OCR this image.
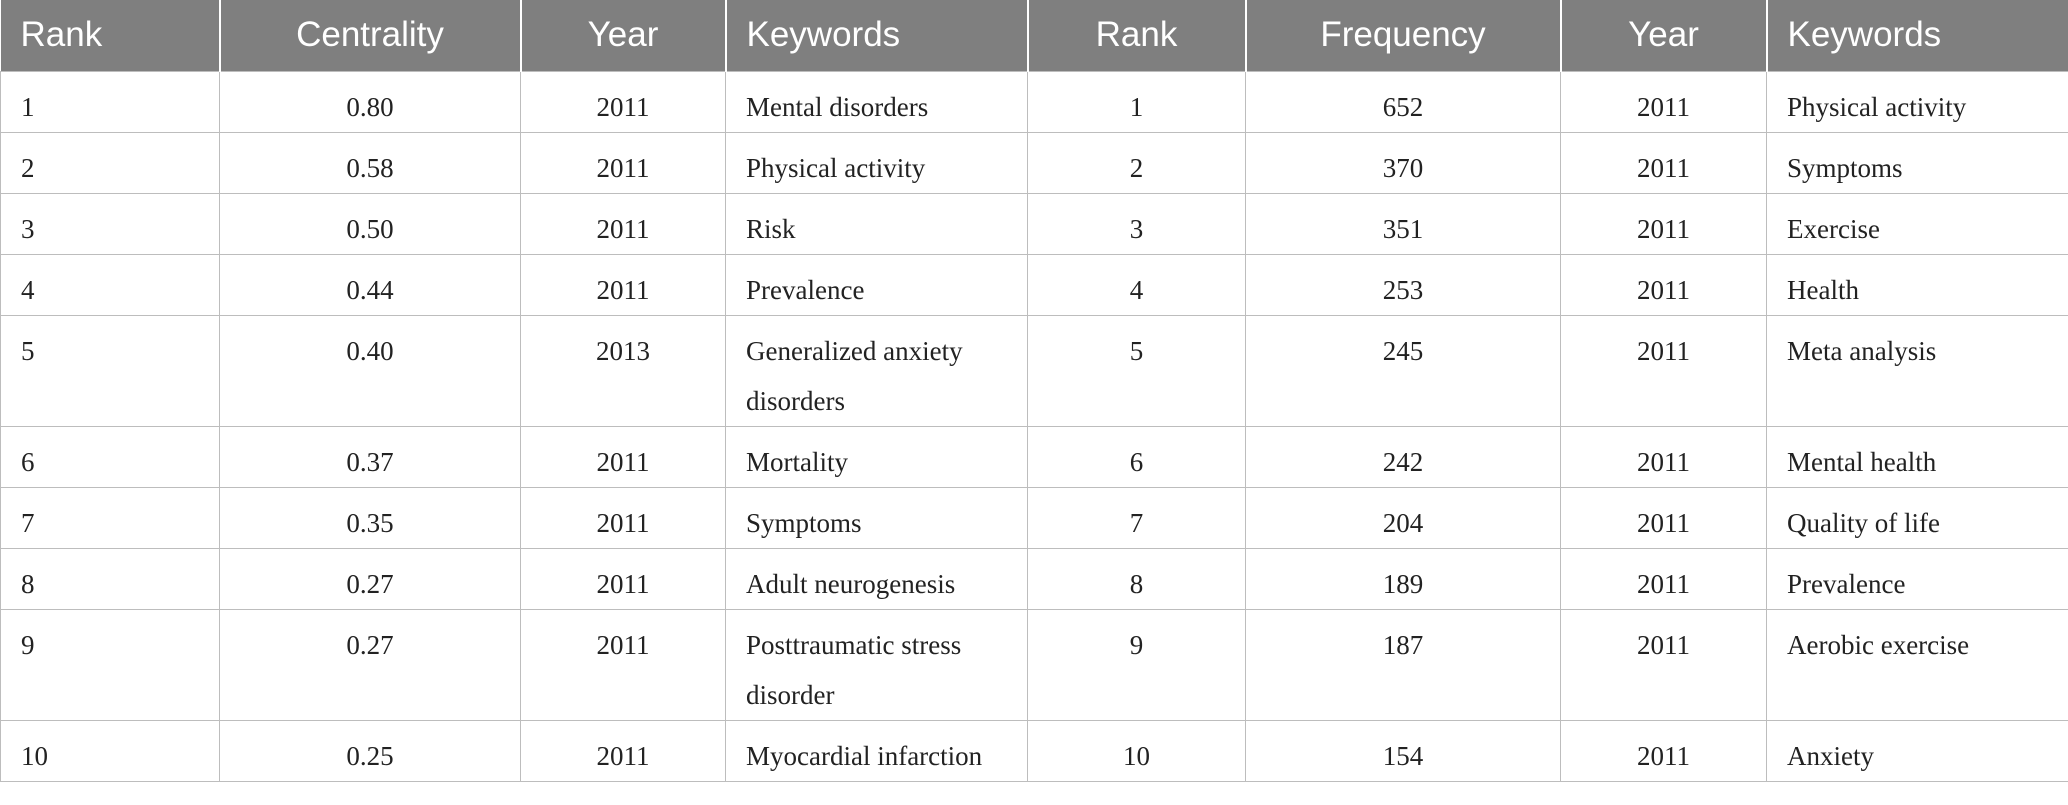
Rank	Centrality	Year	Keywords	Rank	Frequency	Year	Keywords
1	0.80	2011	Mental disorders	1	652	2011	Physical activity
2	0.58	2011	Physical activity	2	370	2011	Symptoms
3	0.50	2011	Risk	3	351	2011	Exercise
4	0.44	2011	Prevalence	4	253	2011	Health
5	0.40	2013	Generalized anxiety disorders	5	245	2011	Meta analysis
6	0.37	2011	Mortality	6	242	2011	Mental health
7	0.35	2011	Symptoms	7	204	2011	Quality of life
8	0.27	2011	Adult neurogenesis	8	189	2011	Prevalence
9	0.27	2011	Posttraumatic stress disorder	9	187	2011	Aerobic exercise
10	0.25	2011	Myocardial infarction	10	154	2011	Anxiety
